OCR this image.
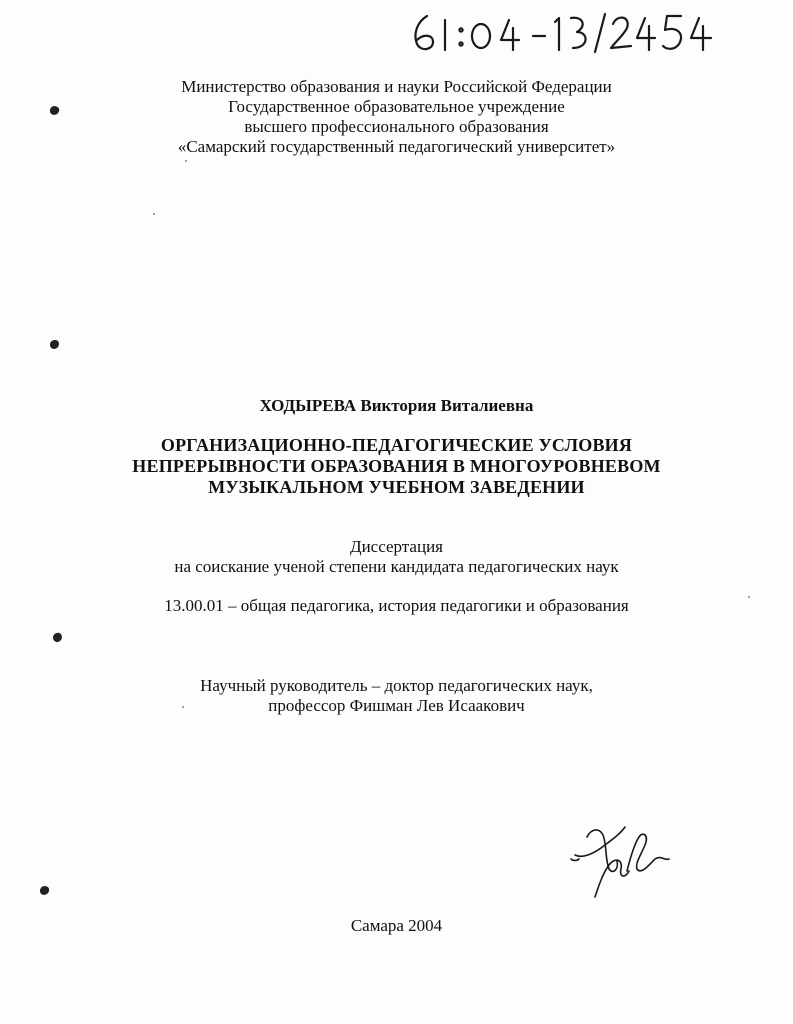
Министерство образования и науки Российской Федерации
Государственное образовательное учреждение
высшего профессионального образования
«Самарский государственный педагогический университет»
ХОДЫРЕВА Виктория Виталиевна
ОРГАНИЗАЦИОННО-ПЕДАГОГИЧЕСКИЕ УСЛОВИЯ
НЕПРЕРЫВНОСТИ ОБРАЗОВАНИЯ В МНОГОУРОВНЕВОМ
МУЗЫКАЛЬНОМ УЧЕБНОМ ЗАВЕДЕНИИ
Диссертация
на соискание ученой степени кандидата педагогических наук
13.00.01 – общая педагогика, история педагогики и образования
Научный руководитель – доктор педагогических наук,
профессор Фишман Лев Исаакович
Самара 2004
